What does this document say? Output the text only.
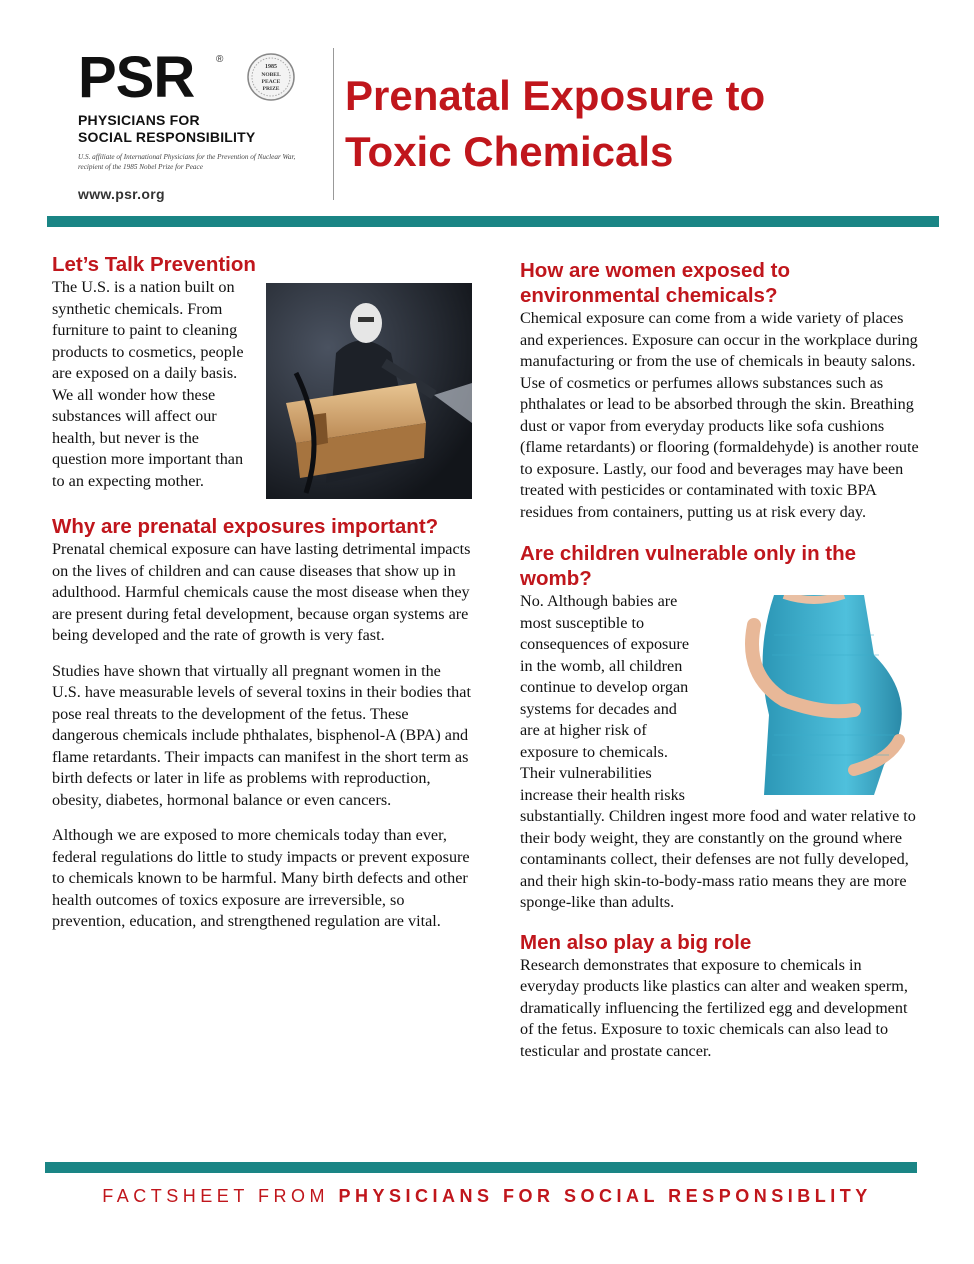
PSR	®
1985
NOBEL
PEACE
PRIZE
PHYSICIANS FOR
SOCIAL RESPONSIBILITY
U.S. affiliate of International Physicians for the Prevention of Nuclear War,
recipient of the 1985 Nobel Prize for Peace
www.psr.org
Prenatal Exposure to
Toxic Chemicals
Let’s Talk Prevention

The U.S. is a nation built on synthetic chemicals. From furniture to paint to cleaning products to cosmetics, people are exposed on a daily basis. We all wonder how these substances will affect our health, but never is the question more important than to an expecting mother.

Why are prenatal exposures important?

Prenatal chemical exposure can have lasting detrimental impacts on the lives of children and can cause diseases that show up in adulthood. Harmful chemicals cause the most disease when they are present during fetal development, because organ systems are being developed and the rate of growth is very fast.

Studies have shown that virtually all pregnant women in the U.S. have measurable levels of several toxins in their bodies that pose real threats to the development of the fetus. These dangerous chemicals include phthalates, bisphenol-A (BPA) and flame retardants. Their impacts can manifest in the short term as birth defects or later in life as problems with reproduction, obesity, diabetes, hormonal balance or even cancers.

Although we are exposed to more chemicals today than ever, federal regulations do little to study impacts or prevent exposure to chemicals known to be harmful. Many birth defects and other health outcomes of toxics exposure are irreversible, so prevention, education, and strengthened regulation are vital.

How are women exposed to environmental chemicals?

Chemical exposure can come from a wide variety of places and experiences. Exposure can occur in the workplace during manufacturing or from the use of chemicals in beauty salons. Use of cosmetics or perfumes allows substances such as phthalates or lead to be absorbed through the skin. Breathing dust or vapor from everyday products like sofa cushions (flame retardants) or flooring (formaldehyde) is another route to exposure. Lastly, our food and beverages may have been treated with pesticides or contaminated with toxic BPA residues from containers, putting us at risk every day.

Are children vulnerable only in the womb?

No. Although babies are most susceptible to consequences of exposure in the womb, all children continue to develop organ systems for decades and are at higher risk of exposure to chemicals. Their vulnerabilities increase their health risks substantially. Children ingest more food and water relative to their body weight, they are constantly on the ground where contaminants collect, their defenses are not fully developed, and their high skin-to-body-mass ratio means they are more sponge-like than adults.

Men also play a big role

Research demonstrates that exposure to chemicals in everyday products like plastics can alter and weaken sperm, dramatically influencing the fertilized egg and development of the fetus. Exposure to toxic chemicals can also lead to testicular and prostate cancer.

FACTSHEET FROM PHYSICIANS FOR SOCIAL RESPONSIBLITY
